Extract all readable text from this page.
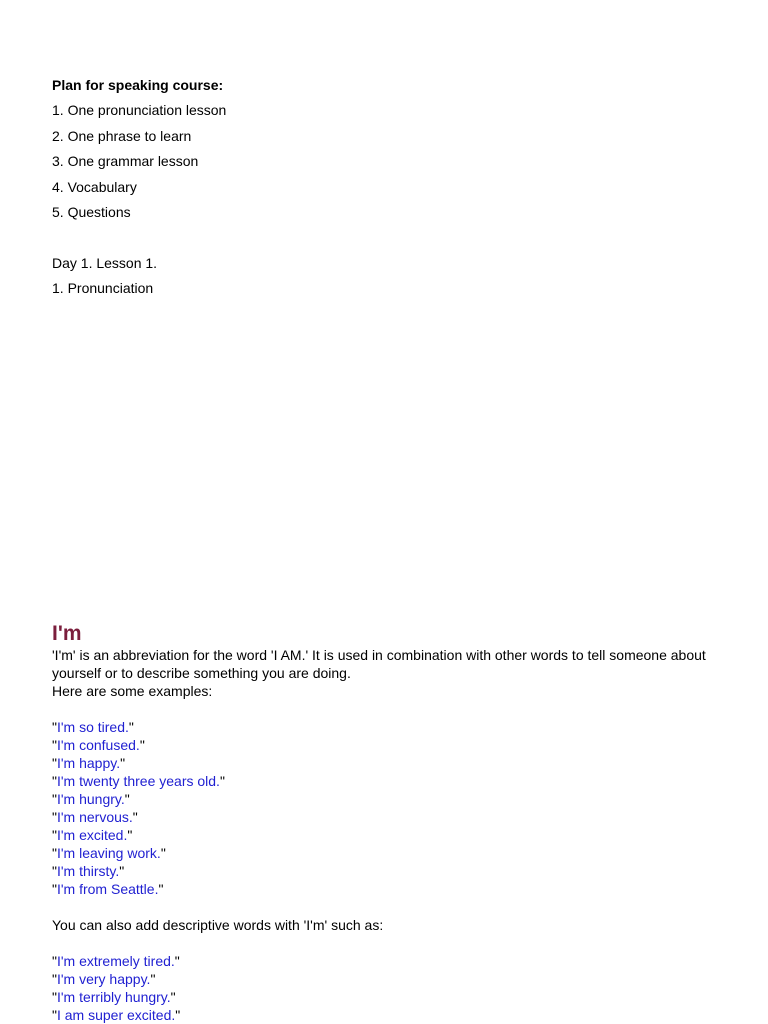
Plan for speaking course:
1. One pronunciation lesson
2. One phrase to learn
3. One grammar lesson
4. Vocabulary
5. Questions
Day 1. Lesson 1.
1. Pronunciation
I'm
'I'm' is an abbreviation for the word 'I AM.' It is used in combination with other words to tell someone about yourself or to describe something you are doing.
Here are some examples:
"I'm so tired."
"I'm confused."
"I'm happy."
"I'm twenty three years old."
"I'm hungry."
"I'm nervous."
"I'm excited."
"I'm leaving work."
"I'm thirsty."
"I'm from Seattle."
You can also add descriptive words with 'I'm' such as:
"I'm extremely tired."
"I'm very happy."
"I'm terribly hungry."
"I am super excited."
